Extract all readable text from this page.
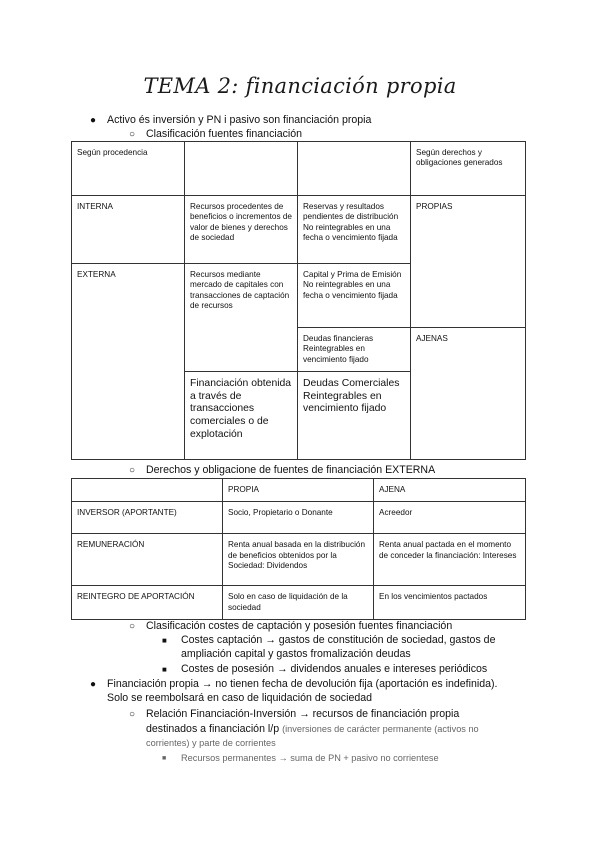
TEMA 2: financiación propia
● Activo és inversión y PN i pasivo son financiación propia
○ Clasificación fuentes financiación
Según procedencia			Según derechos y obligaciones generados
INTERNA	Recursos procedentes de beneficios o incrementos de valor de bienes y derechos de sociedad	Reservas y resultados pendientes de distribución No reintegrables en una fecha o vencimiento fijada	PROPIAS
EXTERNA	Recursos mediante mercado de capitales con transacciones de captación de recursos	Capital y Prima de Emisión No reintegrables en una fecha o vencimiento fijada	
		Deudas financieras Reintegrables en vencimiento fijado	AJENAS
	Financiación obtenida a través de transacciones comerciales o de explotación	Deudas Comerciales Reintegrables en vencimiento fijado	
○ Derechos y obligacione de fuentes de financiación EXTERNA
	PROPIA	AJENA
INVERSOR (APORTANTE)	Socio, Propietario o Donante	Acreedor
REMUNERACIÓN	Renta anual basada en la distribución de beneficios obtenidos por la Sociedad: Dividendos	Renta anual pactada en el momento de conceder la financiación: Intereses
REINTEGRO DE APORTACIÓN	Solo en caso de liquidación de la sociedad	En los vencimientos pactados
○ Clasificación costes de captación y posesión fuentes financiación
■ Costes captación → gastos de constitución de sociedad, gastos de
ampliación capital y gastos fromalización deudas
■ Costes de posesión → dividendos anuales e intereses periódicos
● Financiación propia → no tienen fecha de devolución fija (aportación es indefinida).
Solo se reembolsará en caso de liquidación de sociedad
○ Relación Financiación-Inversión → recursos de financiación propia
destinados a financiación l/p (inversiones de carácter permanente (activos no
corrientes) y parte de corrientes
■ Recursos permanentes → suma de PN + pasivo no corrientese
